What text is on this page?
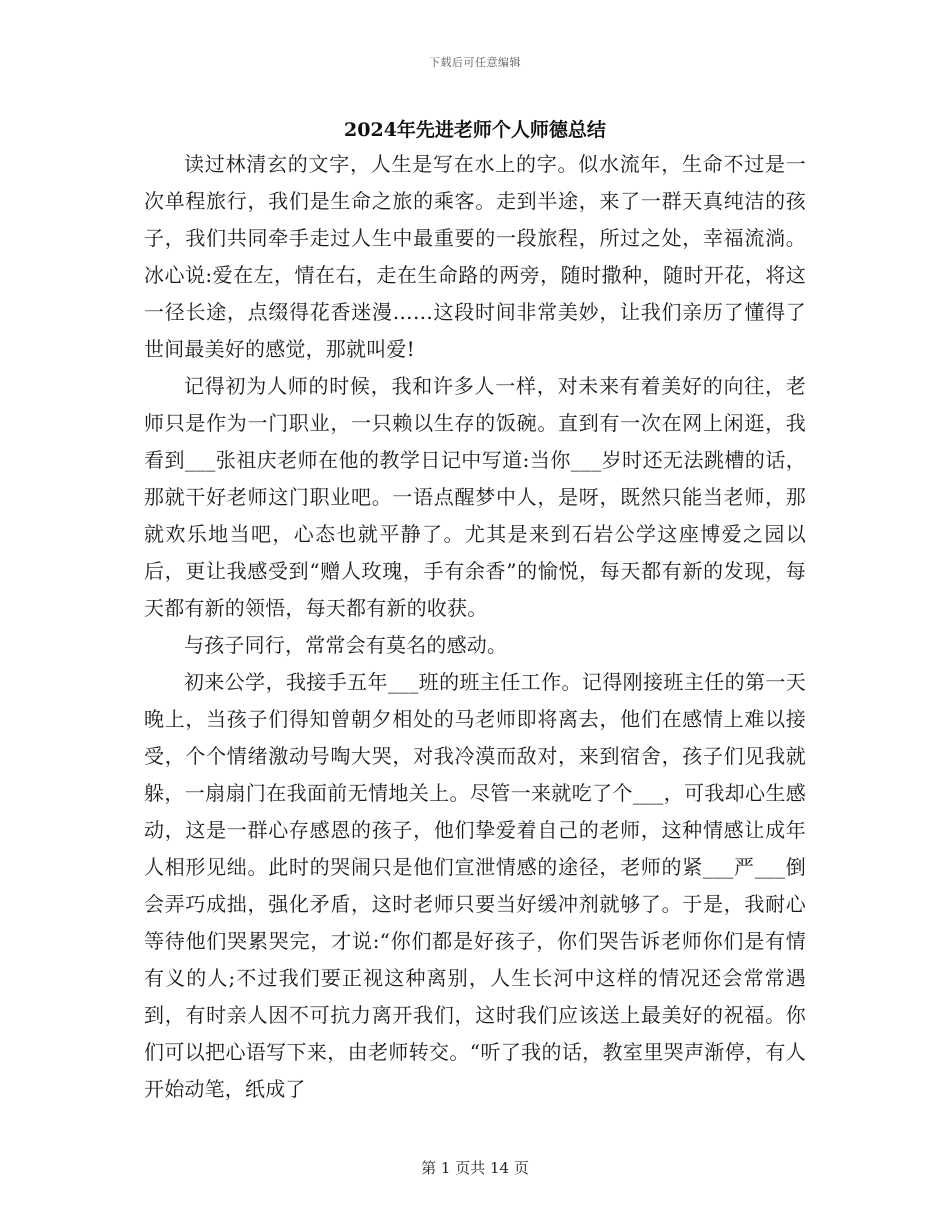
下载后可任意编辑
2024年先进老师个人师德总结

读过林清玄的文字，人生是写在水上的字。似水流年，生命不过是一次单程旅行，我们是生命之旅的乘客。走到半途，来了一群天真纯洁的孩子，我们共同牵手走过人生中最重要的一段旅程，所过之处，幸福流淌。冰心说:爱在左，情在右，走在生命路的两旁，随时撒种，随时开花，将这一径长途，点缀得花香迷漫……这段时间非常美妙，让我们亲历了懂得了世间最美好的感觉，那就叫爱!

记得初为人师的时候，我和许多人一样，对未来有着美好的向往，老师只是作为一门职业，一只赖以生存的饭碗。直到有一次在网上闲逛，我看到___张祖庆老师在他的教学日记中写道:当你___岁时还无法跳槽的话，那就干好老师这门职业吧。一语点醒梦中人，是呀，既然只能当老师，那就欢乐地当吧，心态也就平静了。尤其是来到石岩公学这座博爱之园以后，更让我感受到“赠人玫瑰，手有余香”的愉悦，每天都有新的发现，每天都有新的领悟，每天都有新的收获。

与孩子同行，常常会有莫名的感动。

初来公学，我接手五年___班的班主任工作。记得刚接班主任的第一天晚上，当孩子们得知曾朝夕相处的马老师即将离去，他们在感情上难以接受，个个情绪激动号啕大哭，对我冷漠而敌对，来到宿舍，孩子们见我就躲，一扇扇门在我面前无情地关上。尽管一来就吃了个___，可我却心生感动，这是一群心存感恩的孩子，他们挚爱着自己的老师，这种情感让成年人相形见绌。此时的哭闹只是他们宣泄情感的途径，老师的紧___严___倒会弄巧成拙，强化矛盾，这时老师只要当好缓冲剂就够了。于是，我耐心等待他们哭累哭完，才说:“你们都是好孩子，你们哭告诉老师你们是有情有义的人;不过我们要正视这种离别，人生长河中这样的情况还会常常遇到，有时亲人因不可抗力离开我们，这时我们应该送上最美好的祝福。你们可以把心语写下来，由老师转交。“听了我的话，教室里哭声渐停，有人开始动笔，纸成了

第 1 页共 14 页
